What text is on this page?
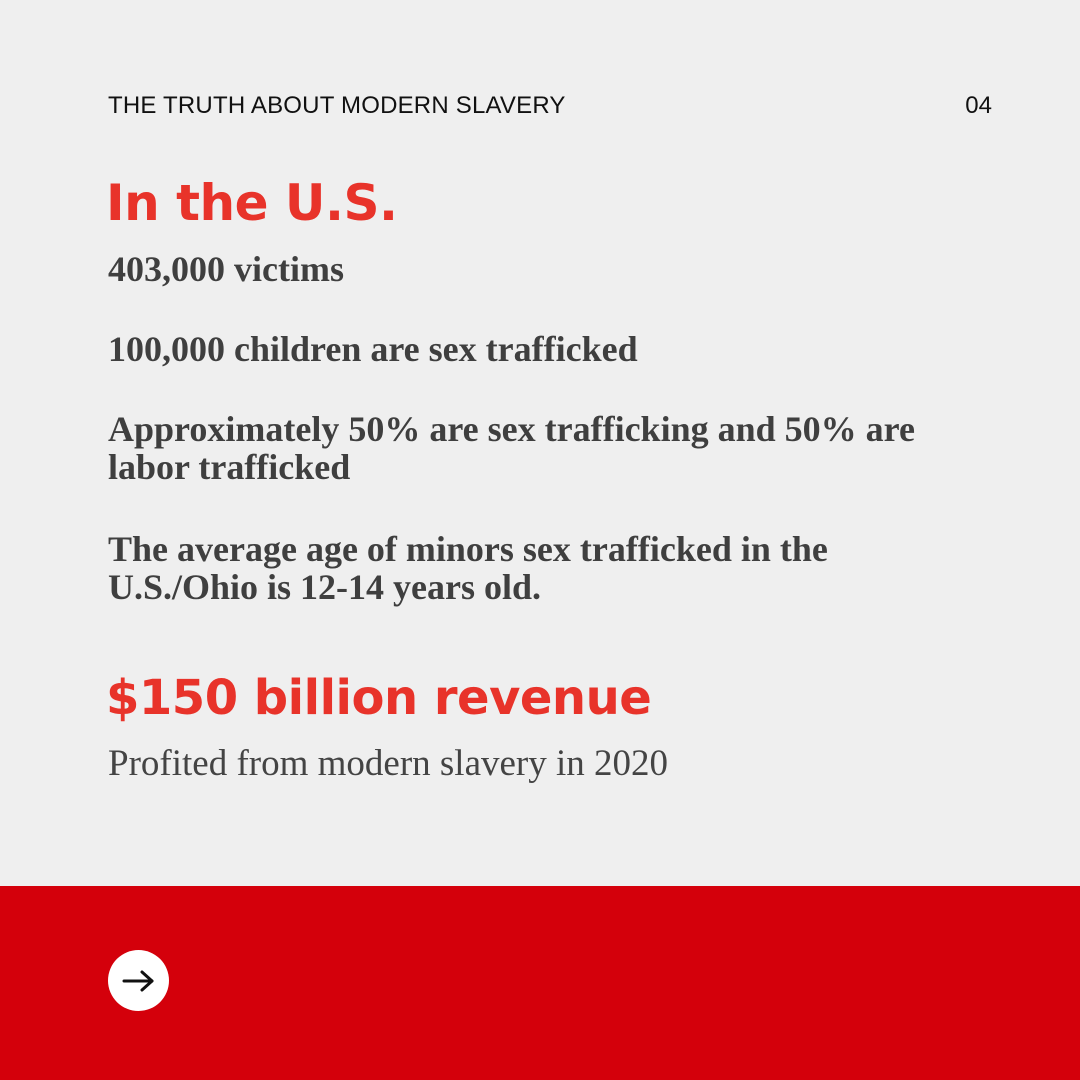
THE TRUTH ABOUT MODERN SLAVERY	04
In the U.S.
403,000 victims
100,000 children are sex trafficked
Approximately 50% are sex trafficking and 50% are labor trafficked
The average age of minors sex trafficked in the U.S./Ohio is 12-14 years old.
$150 billion revenue
Profited from modern slavery in 2020
